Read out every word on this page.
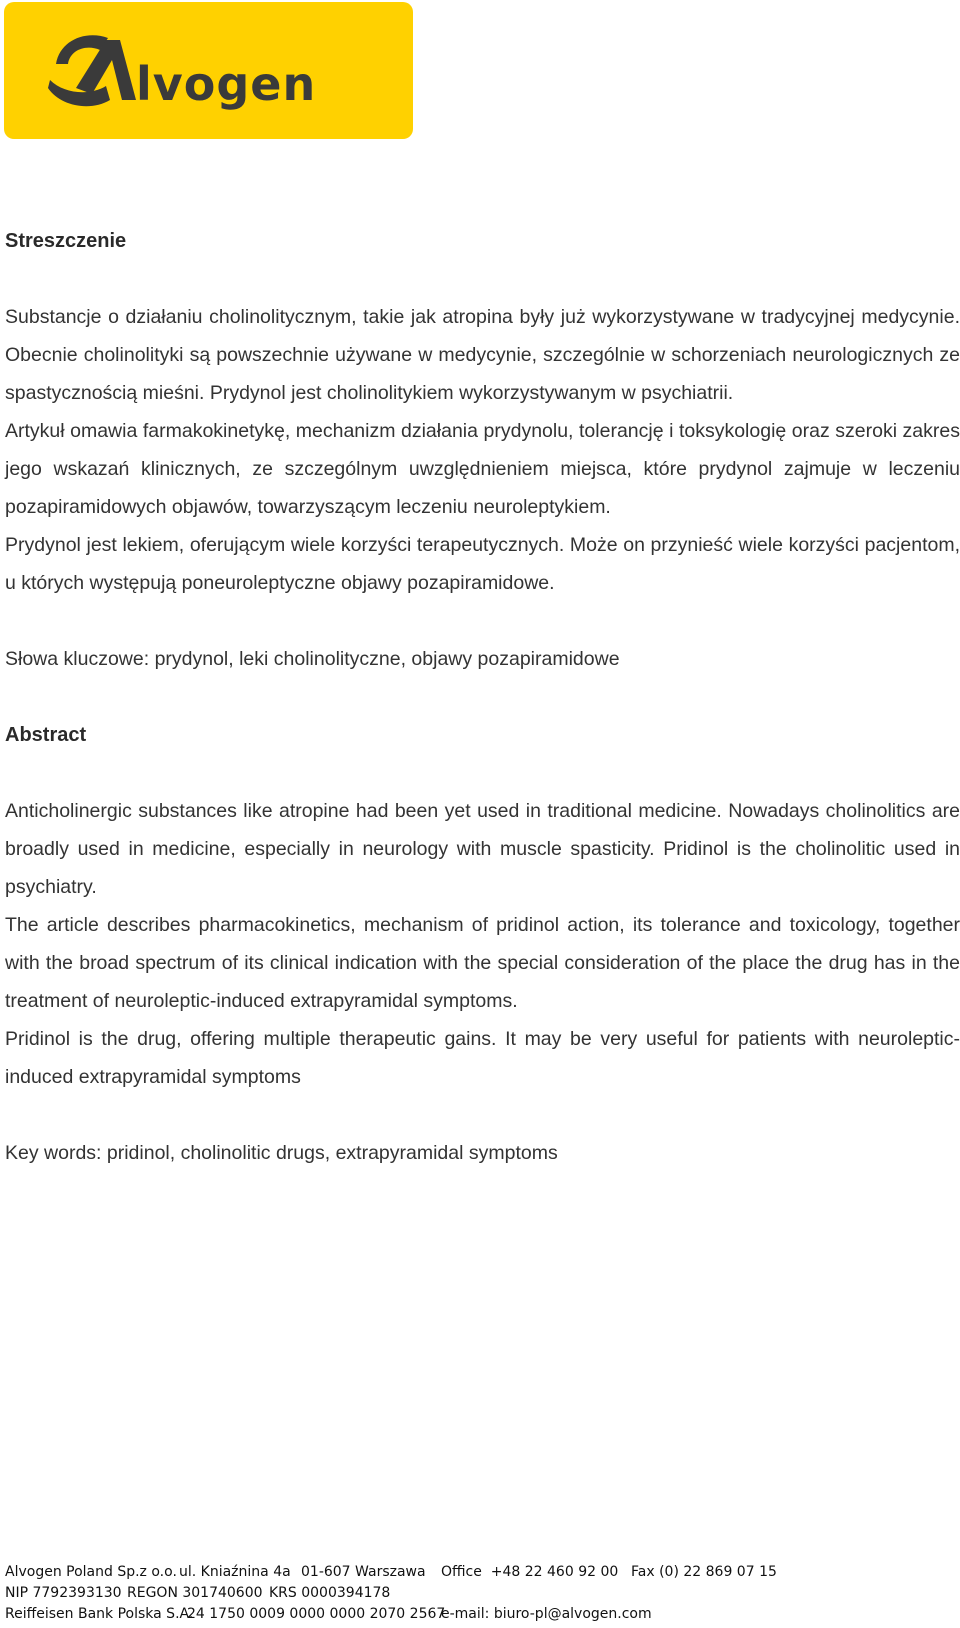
lvogen
Streszczenie

Substancje o działaniu cholinolitycznym, takie jak atropina były już wykorzystywane w tradycyjnej medycynie. Obecnie cholinolityki są powszechnie używane w medycynie, szczególnie w schorzeniach neurologicznych ze spastycznością mieśni. Prydynol jest cholinolitykiem wykorzystywanym w psychiatrii.

Artykuł omawia farmakokinetykę, mechanizm działania prydynolu, tolerancję i toksykologię oraz szeroki zakres jego wskazań klinicznych, ze szczególnym uwzględnieniem miejsca, które prydynol zajmuje w leczeniu pozapiramidowych objawów, towarzyszącym leczeniu neuroleptykiem.

Prydynol jest lekiem, oferującym wiele korzyści terapeutycznych. Może on przynieść wiele korzyści pacjentom, u których występują poneuroleptyczne objawy pozapiramidowe.

Słowa kluczowe: prydynol, leki cholinolityczne, objawy pozapiramidowe

Abstract

Anticholinergic substances like atropine had been yet used in traditional medicine. Nowadays cholinolitics are broadly used in medicine, especially in neurology with muscle spasticity. Pridinol is the cholinolitic used in psychiatry.

The article describes pharmacokinetics, mechanism of pridinol action, its tolerance and toxicology, together with the broad spectrum of its clinical indication with the special consideration of the place the drug has in the treatment of neuroleptic-induced extrapyramidal symptoms.

Pridinol is the drug, offering multiple therapeutic gains. It may be very useful for patients with neuroleptic-induced extrapyramidal symptoms

Key words: pridinol, cholinolitic drugs, extrapyramidal symptoms

Alvogen Poland Sp.z o.o. ul. Kniaźnina 4a 01-607 Warszawa Office  +48 22 460 92 00 Fax (0) 22 869 07 15
NIP 7792393130 REGON 301740600 KRS 0000394178
Reiffeisen Bank Polska S.A.24 1750 0009 0000 0000 2070 2567e-mail: biuro-pl@alvogen.com
